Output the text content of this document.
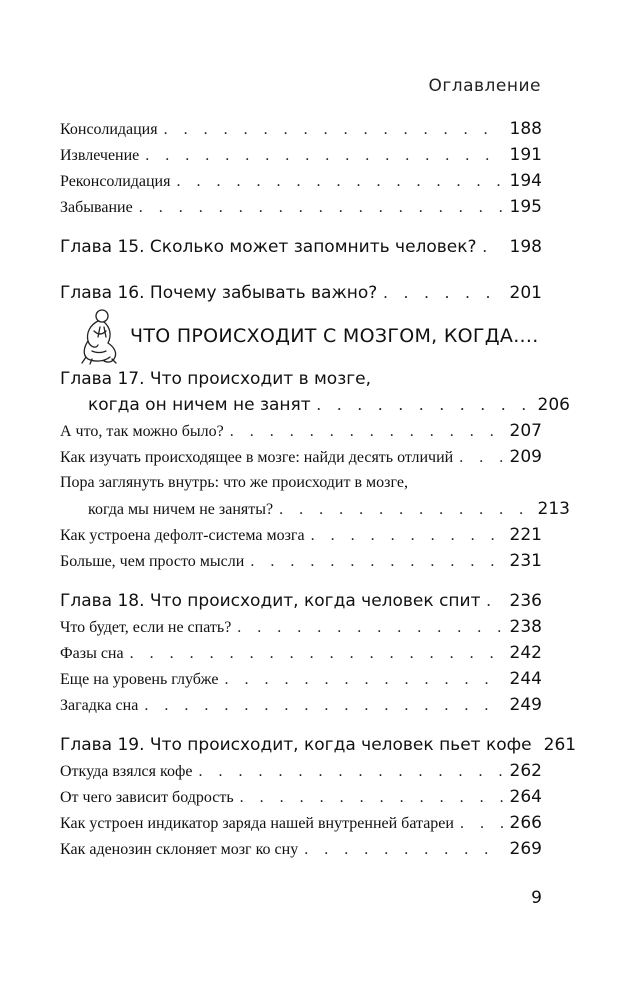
Оглавление
Консолидация . . .	188
Извлечение . . .	191
Реконсолидация . . .	194
Забывание . . .	195
Глава 15. Сколько может запомнить человек? . . . 198
Глава 16. Почему забывать важно? . . .	201
ЧТО ПРОИСХОДИТ С МОЗГОМ, КОГДА....
Глава 17. Что происходит в мозге,
когда он ничем не занят . . .	206
А что, так можно было? . . .	207
Как изучать происходящее в мозге: найди десять отличий . . .	209
Пора заглянуть внутрь: что же происходит в мозге,
когда мы ничем не заняты? . . .	213
Как устроена дефолт-система мозга . . .	221
Больше, чем просто мысли . . .	231
Глава 18. Что происходит, когда человек спит . . . 236
Что будет, если не спать? . . .	238
Фазы сна . . .	242
Еще на уровень глубже . . .	244
Загадка сна . . .	249
Глава 19. Что происходит, когда человек пьет кофе 261
Откуда взялся кофе . . .	262
От чего зависит бодрость . . .	264
Как устроен индикатор заряда нашей внутренней батареи . . .	266
Как аденозин склоняет мозг ко сну . . .	269
9
